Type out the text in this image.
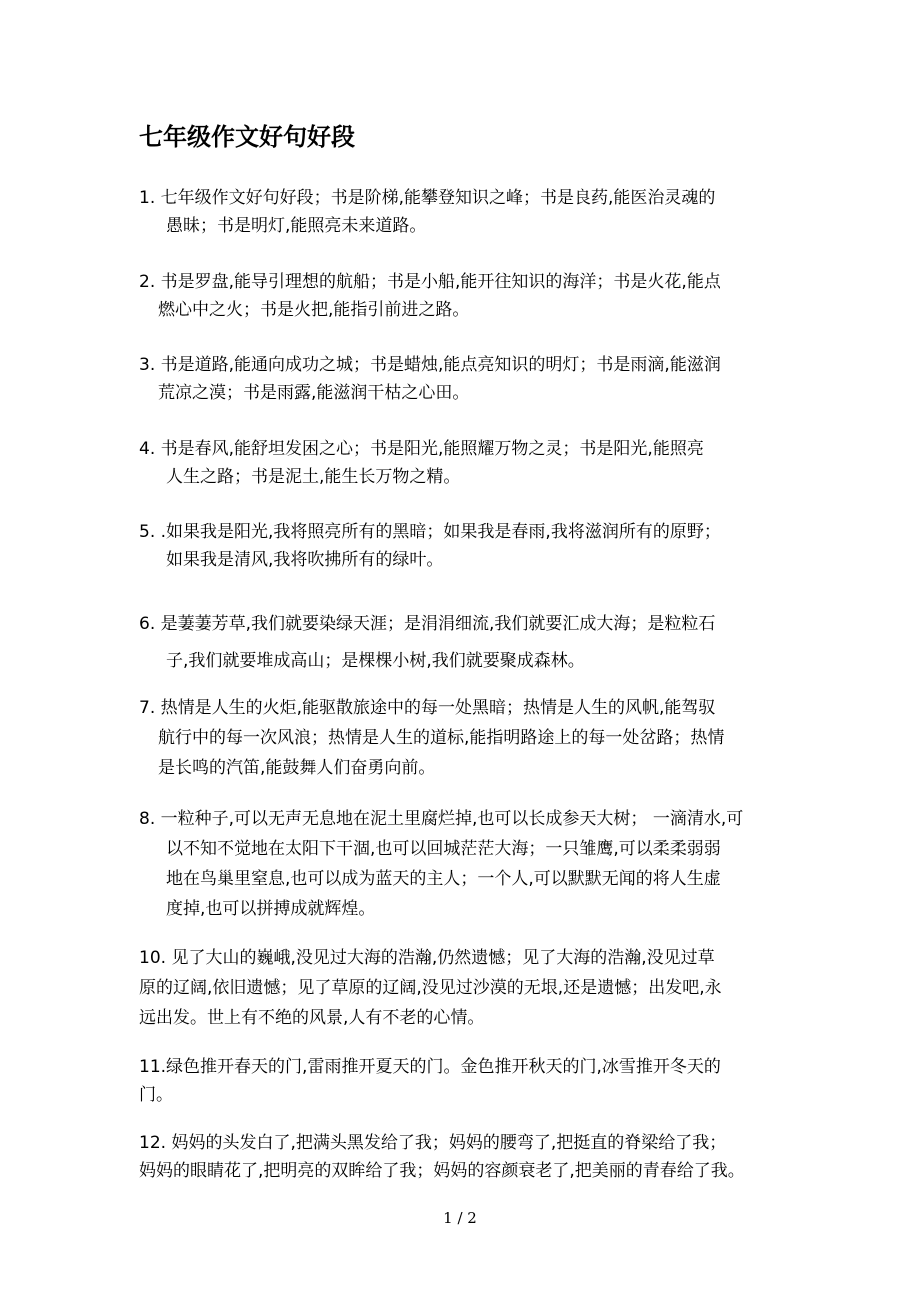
七年级作文好句好段
1. 七年级作文好句好段；书是阶梯,能攀登知识之峰；书是良药,能医治灵魂的
愚昧；书是明灯,能照亮未来道路。
2. 书是罗盘,能导引理想的航船；书是小船,能开往知识的海洋；书是火花,能点
燃心中之火；书是火把,能指引前进之路。
3. 书是道路,能通向成功之城；书是蜡烛,能点亮知识的明灯；书是雨滴,能滋润
荒凉之漠；书是雨露,能滋润干枯之心田。
4. 书是春风,能舒坦发困之心；书是阳光,能照耀万物之灵；书是阳光,能照亮
人生之路；书是泥土,能生长万物之精。
5. .如果我是阳光,我将照亮所有的黑暗；如果我是春雨,我将滋润所有的原野；
如果我是清风,我将吹拂所有的绿叶。
6. 是萋萋芳草,我们就要染绿天涯；是涓涓细流,我们就要汇成大海；是粒粒石
子,我们就要堆成高山；是棵棵小树,我们就要聚成森林。
7. 热情是人生的火炬,能驱散旅途中的每一处黑暗；热情是人生的风帆,能驾驭
航行中的每一次风浪；热情是人生的道标,能指明路途上的每一处岔路；热情
是长鸣的汽笛,能鼓舞人们奋勇向前。
8. 一粒种子,可以无声无息地在泥土里腐烂掉,也可以长成参天大树； 一滴清水,可
以不知不觉地在太阳下干涸,也可以回城茫茫大海；一只雏鹰,可以柔柔弱弱
地在鸟巢里窒息,也可以成为蓝天的主人；一个人,可以默默无闻的将人生虚
度掉,也可以拼搏成就辉煌。
10. 见了大山的巍峨,没见过大海的浩瀚,仍然遗憾；见了大海的浩瀚,没见过草
原的辽阔,依旧遗憾；见了草原的辽阔,没见过沙漠的无垠,还是遗憾；出发吧,永
远出发。世上有不绝的风景,人有不老的心情。
11.绿色推开春天的门,雷雨推开夏天的门。金色推开秋天的门,冰雪推开冬天的
门。
12. 妈妈的头发白了,把满头黑发给了我；妈妈的腰弯了,把挺直的脊梁给了我；
妈妈的眼睛花了,把明亮的双眸给了我；妈妈的容颜衰老了,把美丽的青春给了我。
1 / 2
